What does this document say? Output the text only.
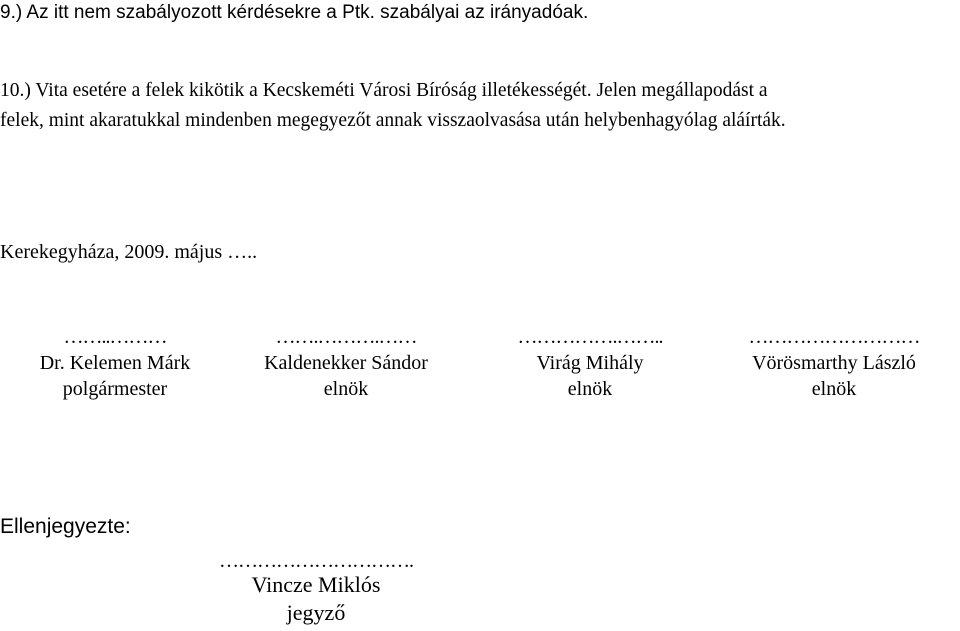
9.) Az itt nem szabályozott kérdésekre a Ptk. szabályai az irányadóak.

10.) Vita esetére a felek kikötik a Kecskeméti Városi Bíróság illetékességét. Jelen megállapodást a

felek, mint akaratukkal mindenben megegyezőt annak visszaolvasása után helybenhagyólag aláírták.

Kerekegyháza, 2009. május …..

……..………
Dr. Kelemen Márk
polgármester
…….……….……
Kaldenekker Sándor
elnök
…………….……..
Virág Mihály
elnök
………………………
Vörösmarthy László
elnök

Ellenjegyezte:

………………………….
Vincze Miklós
jegyző
